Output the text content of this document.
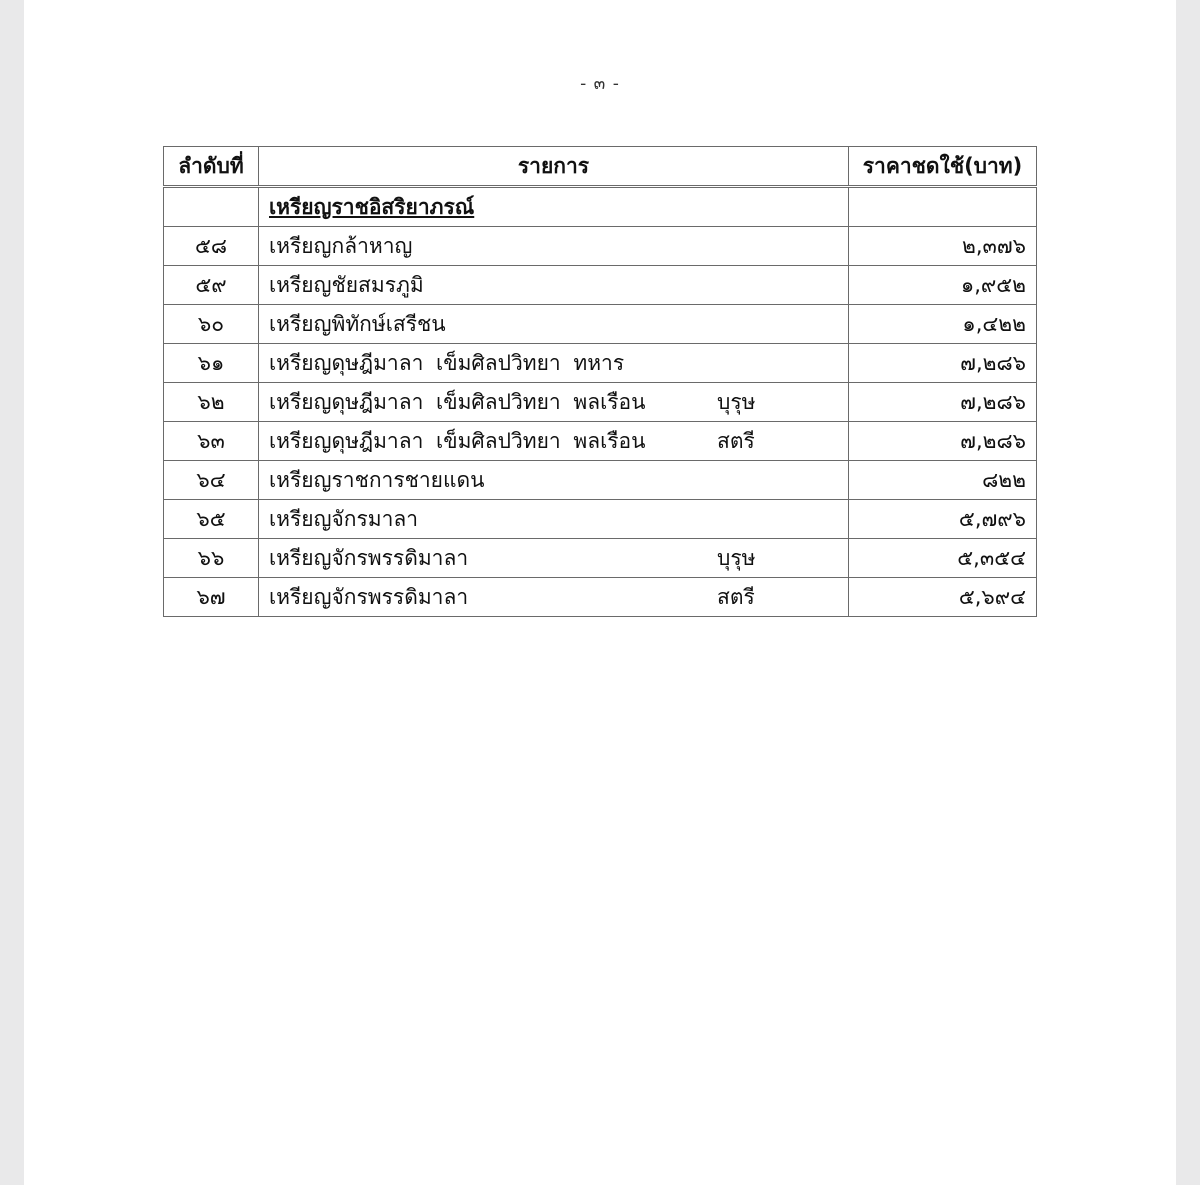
- ๓ -
ลำดับที่	รายการ	ราคาชดใช้(บาท)
	เหรียญราชอิสริยาภรณ์	
๕๘	เหรียญกล้าหาญ	๒,๓๗๖
๕๙	เหรียญชัยสมรภูมิ	๑,๙๕๒
๖๐	เหรียญพิทักษ์เสรีชน	๑,๔๒๒
๖๑	เหรียญดุษฎีมาลา เข็มศิลปวิทยา ทหาร	๗,๒๘๖
๖๒	เหรียญดุษฎีมาลา เข็มศิลปวิทยา พลเรือน บุรุษ	๗,๒๘๖
๖๓	เหรียญดุษฎีมาลา เข็มศิลปวิทยา พลเรือน สตรี	๗,๒๘๖
๖๔	เหรียญราชการชายแดน	๘๒๒
๖๕	เหรียญจักรมาลา	๕,๗๙๖
๖๖	เหรียญจักรพรรดิมาลา บุรุษ	๕,๓๕๔
๖๗	เหรียญจักรพรรดิมาลา สตรี	๕,๖๙๔
